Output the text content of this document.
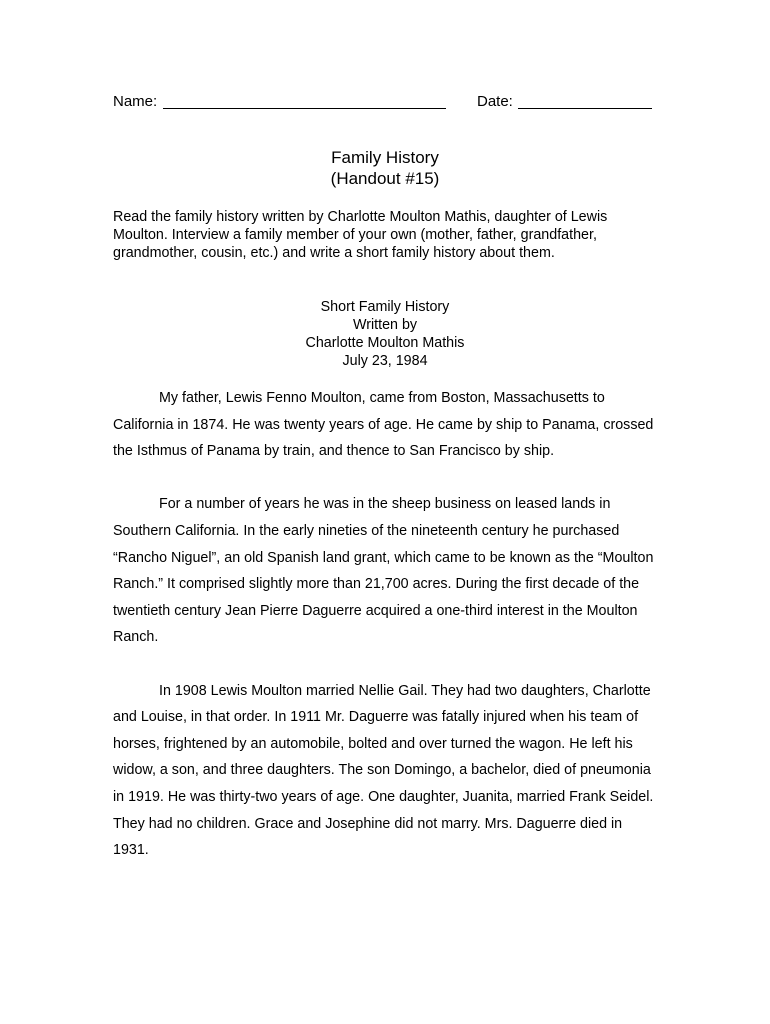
Name:	Date:
Family History
(Handout #15)
Read the family history written by Charlotte Moulton Mathis, daughter of Lewis Moulton. Interview a family member of your own (mother, father, grandfather, grandmother, cousin, etc.) and write a short family history about them.
Short Family History
Written by
Charlotte Moulton Mathis
July 23, 1984

My father, Lewis Fenno Moulton, came from Boston, Massachusetts to California in 1874. He was twenty years of age. He came by ship to Panama, crossed the Isthmus of Panama by train, and thence to San Francisco by ship.

For a number of years he was in the sheep business on leased lands in Southern California. In the early nineties of the nineteenth century he purchased “Rancho Niguel”, an old Spanish land grant, which came to be known as the “Moulton Ranch.” It comprised slightly more than 21,700 acres. During the first decade of the twentieth century Jean Pierre Daguerre acquired a one-third interest in the Moulton Ranch.

In 1908 Lewis Moulton married Nellie Gail. They had two daughters, Charlotte and Louise, in that order. In 1911 Mr. Daguerre was fatally injured when his team of horses, frightened by an automobile, bolted and over turned the wagon. He left his widow, a son, and three daughters. The son Domingo, a bachelor, died of pneumonia in 1919. He was thirty-two years of age. One daughter, Juanita, married Frank Seidel. They had no children. Grace and Josephine did not marry. Mrs. Daguerre died in 1931.
